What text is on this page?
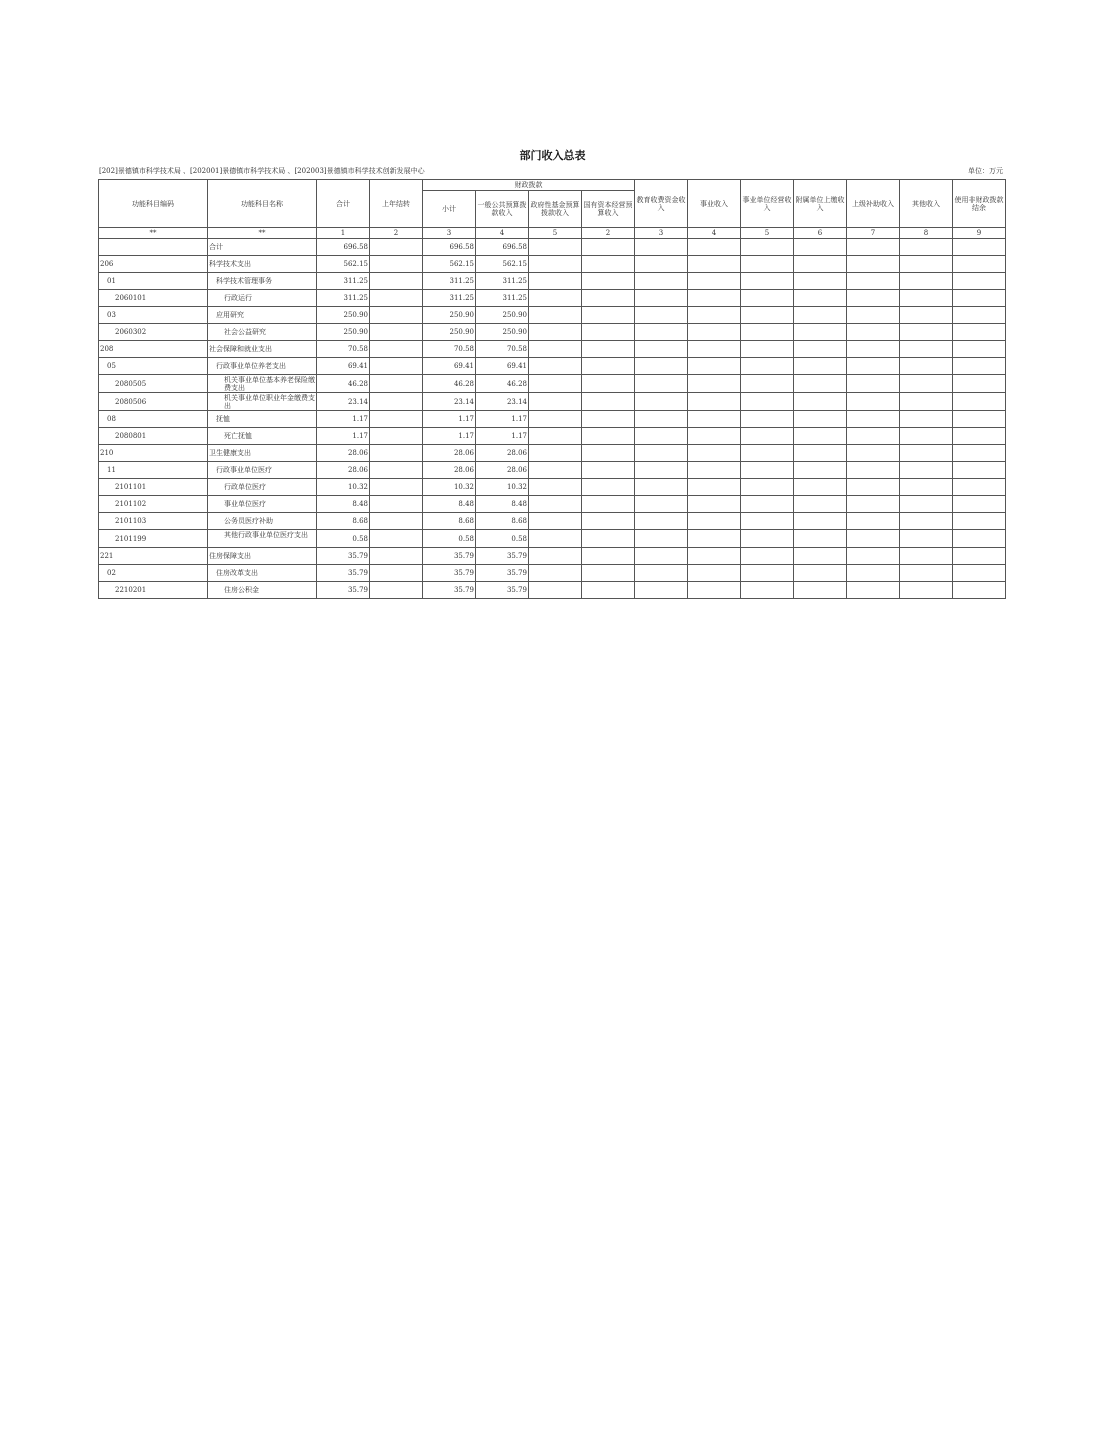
部门收入总表
[202]景德镇市科学技术局 、[202001]景德镇市科学技术局 、[202003]景德镇市科学技术创新发展中心	单位：万元
功能科目编码	功能科目名称	合计	上年结转	财政拨款				教育收费资金收入	事业收入	事业单位经营收入	附属单位上缴收入	上级补助收入	其他收入	使用非财政拨款结余
				小计	一般公共预算拨款收入	政府性基金预算拨款收入	国有资本经营预算收入							
**	**	1	2	3	4	5	2	3	4	5	6	7	8	9
	合计	696.58		696.58	696.58									
206	科学技术支出	562.15		562.15	562.15									
01	科学技术管理事务	311.25		311.25	311.25									
2060101	行政运行	311.25		311.25	311.25									
03	应用研究	250.90		250.90	250.90									
2060302	社会公益研究	250.90		250.90	250.90									
208	社会保障和就业支出	70.58		70.58	70.58									
05	行政事业单位养老支出	69.41		69.41	69.41									
2080505	机关事业单位基本养老保险缴费支出	46.28		46.28	46.28									
2080506	机关事业单位职业年金缴费支出	23.14		23.14	23.14									
08	抚恤	1.17		1.17	1.17									
2080801	死亡抚恤	1.17		1.17	1.17									
210	卫生健康支出	28.06		28.06	28.06									
11	行政事业单位医疗	28.06		28.06	28.06									
2101101	行政单位医疗	10.32		10.32	10.32									
2101102	事业单位医疗	8.48		8.48	8.48									
2101103	公务员医疗补助	8.68		8.68	8.68									
2101199	其他行政事业单位医疗支出	0.58		0.58	0.58									
221	住房保障支出	35.79		35.79	35.79									
02	住房改革支出	35.79		35.79	35.79									
2210201	住房公积金	35.79		35.79	35.79									
